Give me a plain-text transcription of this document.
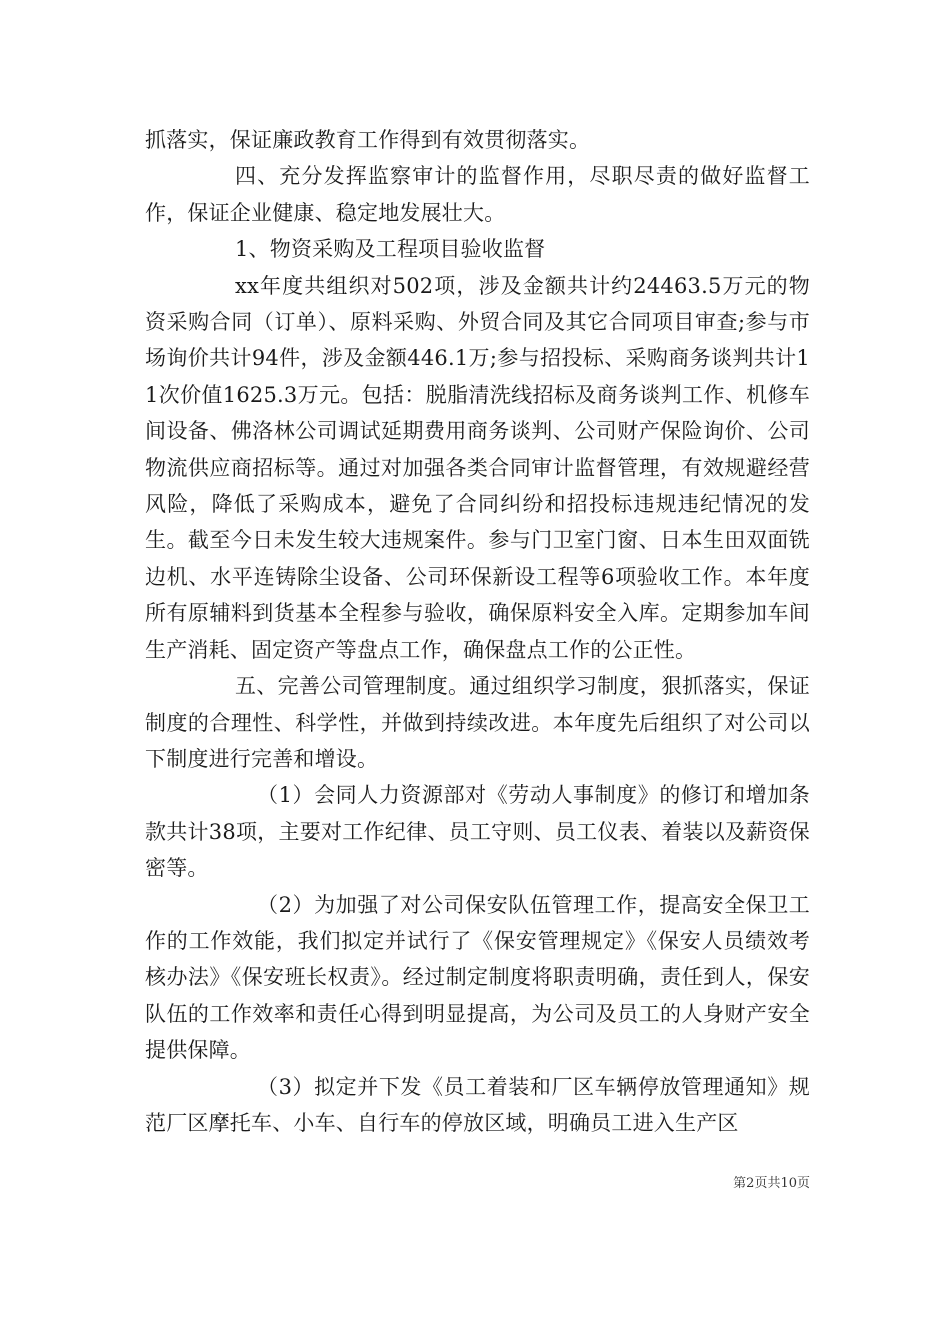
抓落实，保证廉政教育工作得到有效贯彻落实。

四、充分发挥监察审计的监督作用，尽职尽责的做好监督工作，保证企业健康、稳定地发展壮大。

1、物资采购及工程项目验收监督

xx年度共组织对502项，涉及金额共计约24463.5万元的物资采购合同（订单）、原料采购、外贸合同及其它合同项目审查;参与市场询价共计94件，涉及金额446.1万;参与招投标、采购商务谈判共计11次价值1625.3万元。包括：脱脂清洗线招标及商务谈判工作、机修车间设备、佛洛林公司调试延期费用商务谈判、公司财产保险询价、公司物流供应商招标等。通过对加强各类合同审计监督管理，有效规避经营风险，降低了采购成本，避免了合同纠纷和招投标违规违纪情况的发生。截至今日未发生较大违规案件。参与门卫室门窗、日本生田双面铣边机、水平连铸除尘设备、公司环保新设工程等6项验收工作。本年度所有原辅料到货基本全程参与验收，确保原料安全入库。定期参加车间生产消耗、固定资产等盘点工作，确保盘点工作的公正性。

五、完善公司管理制度。通过组织学习制度，狠抓落实，保证制度的合理性、科学性，并做到持续改进。本年度先后组织了对公司以下制度进行完善和增设。

（1）会同人力资源部对《劳动人事制度》的修订和增加条款共计38项，主要对工作纪律、员工守则、员工仪表、着装以及薪资保密等。

（2）为加强了对公司保安队伍管理工作，提高安全保卫工作的工作效能，我们拟定并试行了《保安管理规定》《保安人员绩效考核办法》《保安班长权责》。经过制定制度将职责明确，责任到人，保安队伍的工作效率和责任心得到明显提高，为公司及员工的人身财产安全提供保障。

（3）拟定并下发《员工着装和厂区车辆停放管理通知》规范厂区摩托车、小车、自行车的停放区域，明确员工进入生产区

第2页共10页
